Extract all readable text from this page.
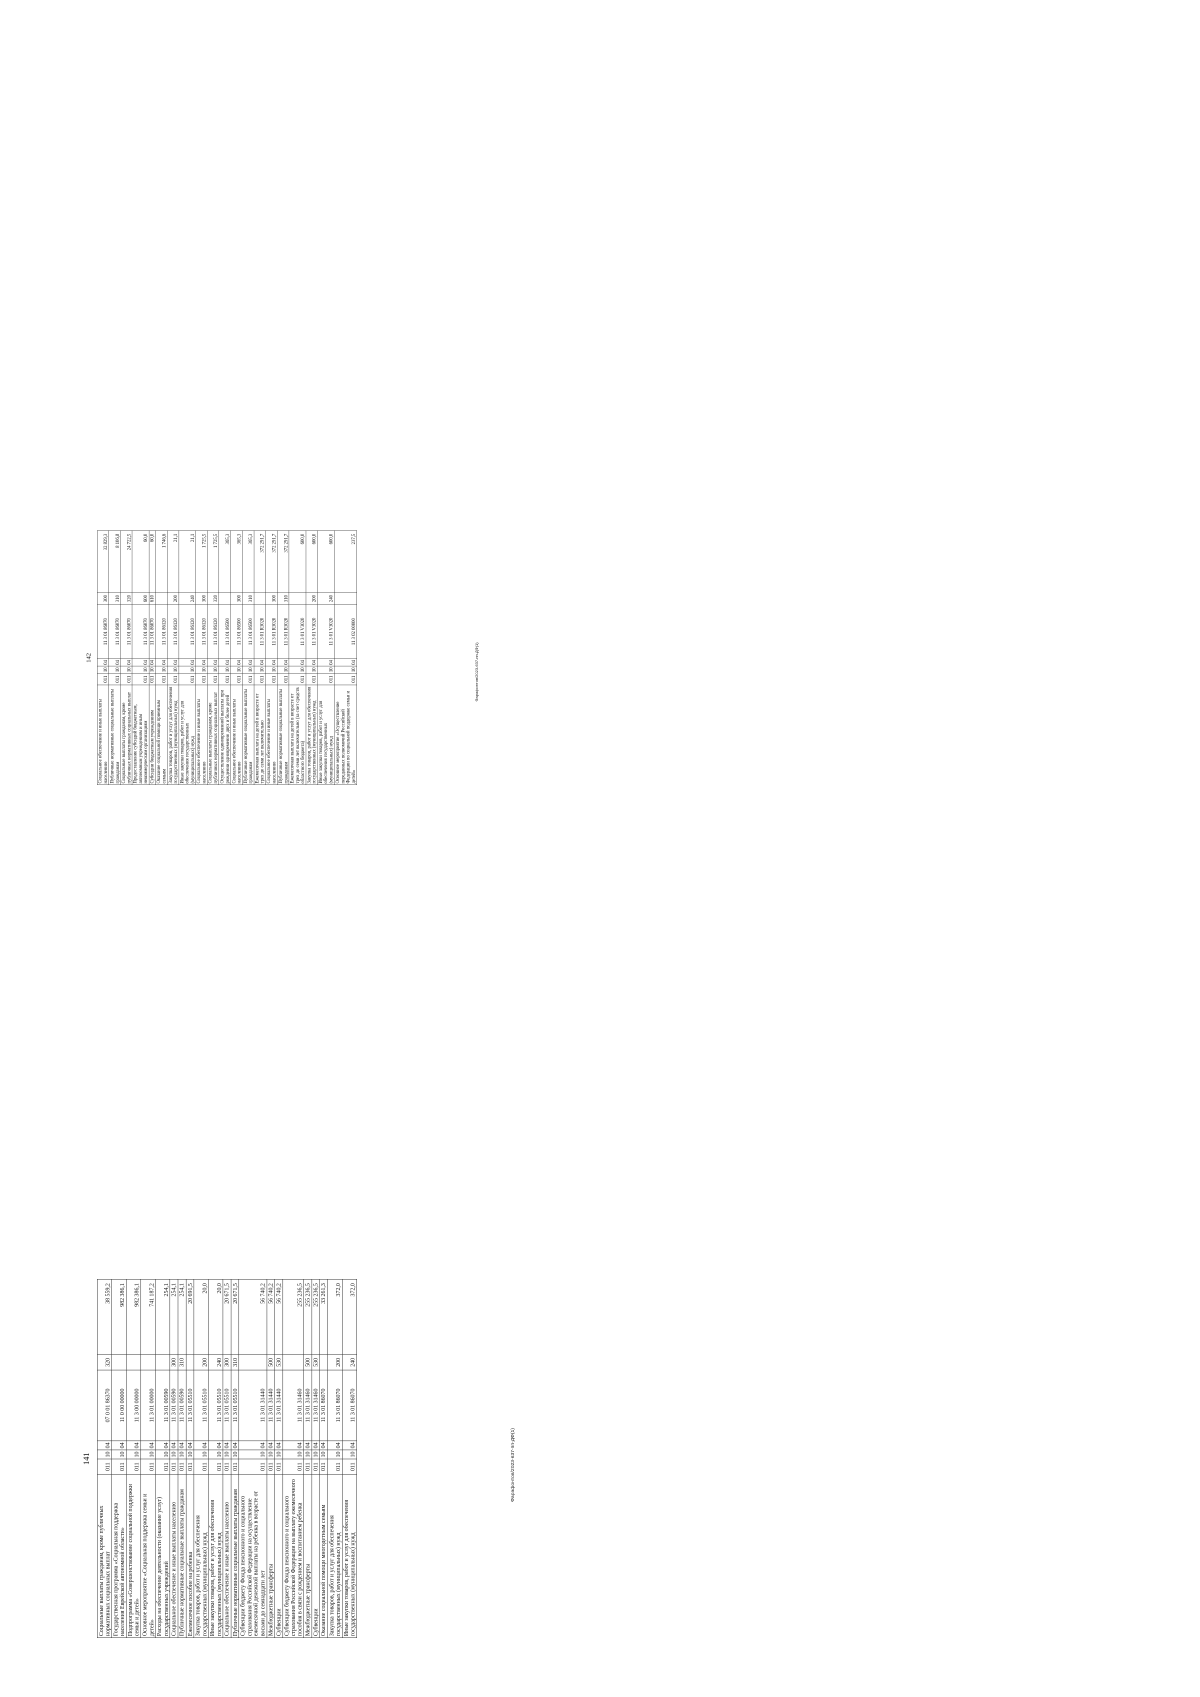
141
Социальные выплаты гражданам, кроме публичных нормативных социальных выплат	011	10	04	07 0 01 86370	320	38 559,2
Государственная программа «Социальная поддержка населения Еврейской автономной области»	011	10	04	11 0 00 00000		982 386,1
Подпрограмма «Совершенствование социальной поддержки семьи и детей»	011	10	04	11 3 00 00000		982 386,1
Основное мероприятие «Социальная поддержка семьи и детей»	011	10	04	11 3 01 00000		741 187,2
Расходы на обеспечение деятельности (оказание услуг) государственных учреждений	011	10	04	11 3 01 00590		254,1
Социальное обеспечение и иные выплаты населению	011	10	04	11 3 01 00590	300	254,1
Публичные нормативные социальные выплаты гражданам	011	10	04	11 3 01 00590	310	254,1
Ежемесячное пособие на ребенка	011	10	04	11 3 01 05510		20 691,5
Закупка товаров, работ и услуг для обеспечения государственных (муниципальных) нужд	011	10	04	11 3 01 05510	200	20,0
Иные закупки товаров, работ и услуг для обеспечения государственных (муниципальных) нужд	011	10	04	11 3 01 05510	240	20,0
Социальное обеспечение и иные выплаты населению	011	10	04	11 3 01 05510	300	20 671,5
Публичные нормативные социальные выплаты гражданам	011	10	04	11 3 01 05510	310	20 671,5
Субвенции бюджету Фонда пенсионного и социального страхования Российской Федерации на осуществление ежемесячной денежной выплаты на ребенка в возрасте от восьми до семнадцати лет	011	10	04	11 3 01 31440		56 740,2
Межбюджетные трансферты	011	10	04	11 3 01 31440	500	56 740,2
Субвенции	011	10	04	11 3 01 31440	530	56 740,2
Субвенции бюджету Фонда пенсионного и социального страхования Российской Федерации на выплату ежемесячного пособия в связи с рождением и воспитанием ребенка	011	10	04	11 3 01 31460		255 236,5
Межбюджетные трансферты	011	10	04	11 3 01 31460	500	255 236,5
Субвенции	011	10	04	11 3 01 31460	530	255 236,5
Оказание социальной помощи многодетным семьям	011	10	04	11 3 01 86070		33 261,3
Закупка товаров, работ и услуг для обеспечения государственных (муниципальных) нужд	011	10	04	11 3 01 86070	200	372,0
Иные закупки товаров, работ и услуг для обеспечения государственных (муниципальных) нужд	011	10	04	11 3 01 86070	240	372,0
Фарафонтов/2023-637-пп-ДФ(1)
142
Социальное обеспечение и иные выплаты населению	011	10	04	11 3 01 86070	300	32 829,3
Публичные нормативные социальные выплаты гражданам	011	10	04	11 3 01 86070	310	8 106,8
Социальные выплаты гражданам, кроме публичных нормативных социальных выплат	011	10	04	11 3 01 86070	320	24 722,5
Предоставление субсидий бюджетным, автономным учреждениям и иным некоммерческим организациям	011	10	04	11 3 01 86070	600	60,0
Субсидии бюджетным учреждениям	011	10	04	11 3 01 86070	610	60,0
Оказание социальной помощи приемным семьям	011	10	04	11 3 01 86120		1 746,6
Закупка товаров, работ и услуг для обеспечения государственных (муниципальных) нужд	011	10	04	11 3 01 86120	200	21,1
Иные закупки товаров, работ и услуг для обеспечения государственных (муниципальных) нужд	011	10	04	11 3 01 86120	240	21,1
Социальное обеспечение и иные выплаты населению	011	10	04	11 3 01 86120	300	1 725,5
Социальные выплаты гражданам, кроме публичных нормативных социальных выплат	011	10	04	11 3 01 86120	320	1 725,5
Осуществление единовременной выплаты при рождении одновременно двух и более детей	011	10	04	11 3 01 86500		365,3
Социальное обеспечение и иные выплаты населению	011	10	04	11 3 01 86500	300	365,3
Публичные нормативные социальные выплаты гражданам	011	10	04	11 3 01 86500	310	365,3
Ежемесячная выплата на детей в возрасте от трех до семи лет включительно	011	10	04	11 3 01 R3020		372 291,7
Социальное обеспечение и иные выплаты населению	011	10	04	11 3 01 R3020	300	372 291,7
Публичные нормативные социальные выплаты гражданам	011	10	04	11 3 01 R3020	310	372 291,7
Ежемесячная выплата на детей в возрасте от трех до семи лет включительно (за счет средств областного бюджета)	011	10	04	11 3 01 V3020		600,0
Закупка товаров, работ и услуг для обеспечения государственных (муниципальных) нужд	011	10	04	11 3 01 V3020	200	600,0
Иные закупки товаров, работ и услуг для обеспечения государственных (муниципальных) нужд	011	10	04	11 3 01 V3020	240	600,0
Основное мероприятие «Осуществление переданных полномочий Российской Федерации по социальной поддержке семьи и детей»	011	10	04	11 3 02 00000		237,5
Фарафонтов/2023-637-пп-ДФ(1)
